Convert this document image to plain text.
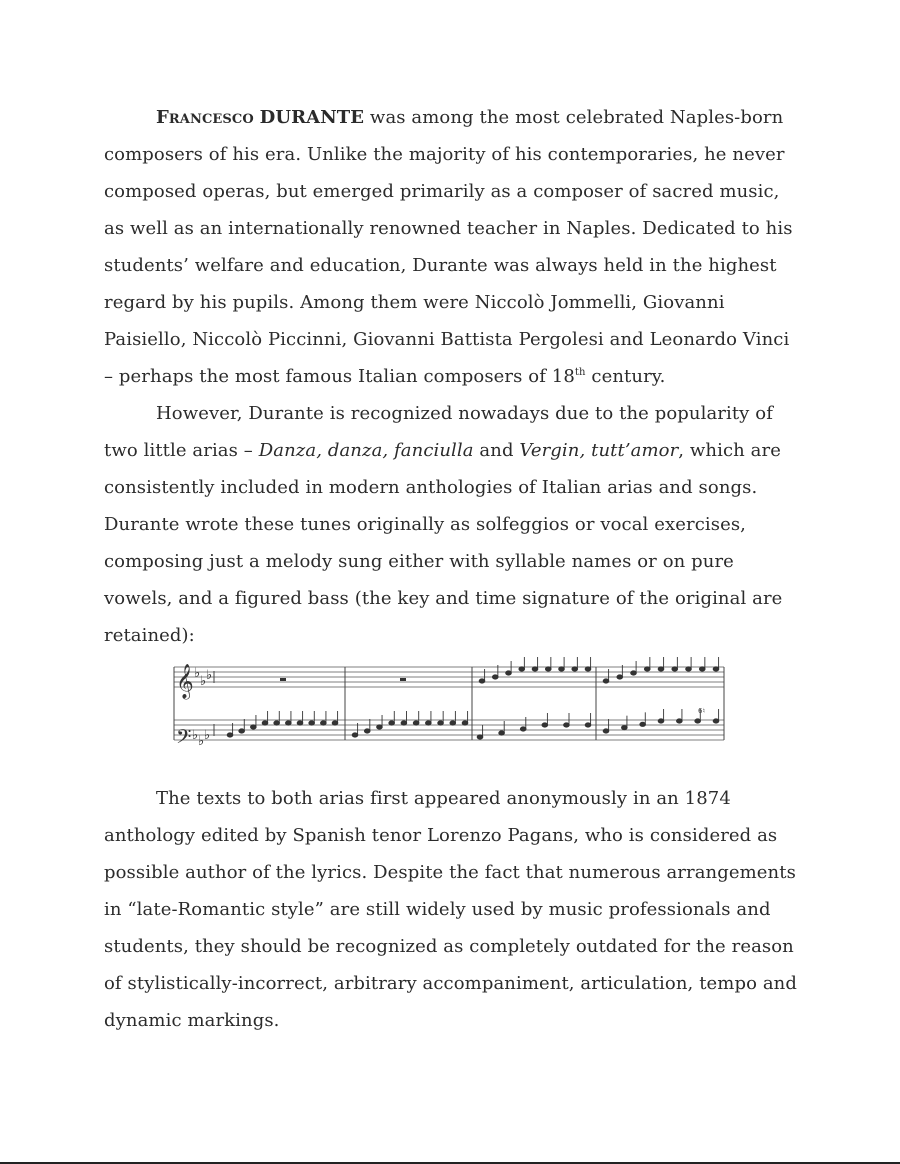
Francesco DURANTE was among the most celebrated Naples-born composers of his era. Unlike the majority of his contemporaries, he never composed operas, but emerged primarily as a composer of sacred music, as well as an internationally renowned teacher in Naples. Dedicated to his students’ welfare and education, Durante was always held in the highest regard by his pupils. Among them were Niccolò Jommelli, Giovanni Paisiello, Niccolò Piccinni, Giovanni Battista Pergolesi and Leonardo Vinci – perhaps the most famous Italian composers of 18th century.

However, Durante is recognized nowadays due to the popularity of two little arias – Danza, danza, fanciulla and Vergin, tutt’amor, which are consistently included in modern anthologies of Italian arias and songs. Durante wrote these tunes originally as solfeggios or vocal exercises, composing just a melody sung either with syllable names or on pure vowels, and a figured bass (the key and time signature of the original are retained):

𝄞
𝄢
♭
♭ ♭
♭ ♭ ♭
6♮

The texts to both arias first appeared anonymously in an 1874 anthology edited by Spanish tenor Lorenzo Pagans, who is considered as possible author of the lyrics. Despite the fact that numerous arrangements in “late-Romantic style” are still widely used by music professionals and students, they should be recognized as completely outdated for the reason of stylistically-incorrect, arbitrary accompaniment, articulation, tempo and dynamic markings.
